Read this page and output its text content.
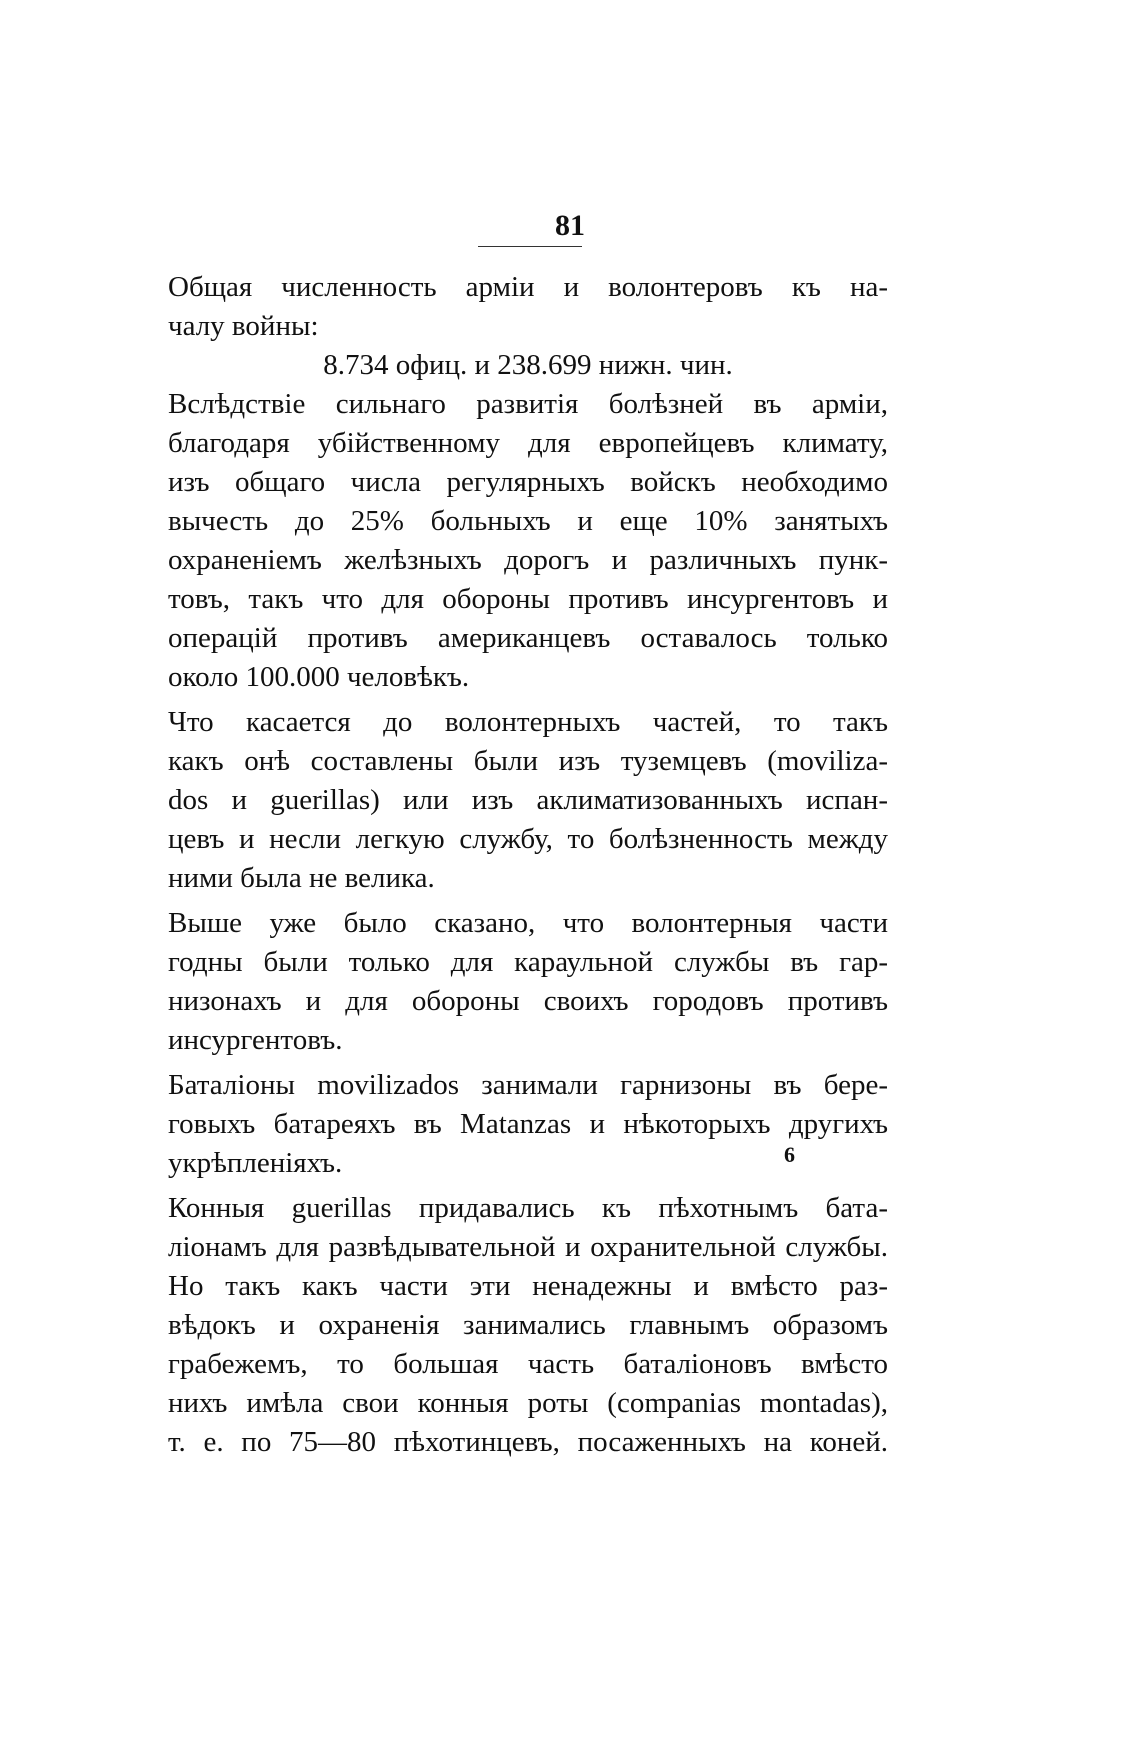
81
Общая численность арміи и волонтеровъ къ на-
чалу войны:
8.734 офиц. и 238.699 нижн. чин.
Вслѣдствіе сильнаго развитія болѣзней въ арміи,
благодаря убійственному для европейцевъ климату,
изъ общаго числа регулярныхъ войскъ необходимо
вычесть до 25% больныхъ и еще 10% занятыхъ
охраненіемъ желѣзныхъ дорогъ и различныхъ пунк-
товъ, такъ что для обороны противъ инсургентовъ и
операцій противъ американцевъ оставалось только
около 100.000 человѣкъ.
Что касается до волонтерныхъ частей, то такъ
какъ онѣ составлены были изъ туземцевъ (moviliza-
dos и guerillas) или изъ аклиматизованныхъ испан-
цевъ и несли легкую службу, то болѣзненность между
ними была не велика.
Выше уже было сказано, что волонтерныя части
годны были только для караульной службы въ гар-
низонахъ и для обороны своихъ городовъ противъ
инсургентовъ.
Баталіоны movilizados занимали гарнизоны въ бере-
говыхъ батареяхъ въ Matanzas и нѣкоторыхъ другихъ
укрѣпленіяхъ.
Конныя guerillas придавались къ пѣхотнымъ бата-
ліонамъ для развѣдывательной и охранительной службы.
Но такъ какъ части эти ненадежны и вмѣсто раз-
вѣдокъ и охраненія занимались главнымъ образомъ
грабежемъ, то большая часть баталіоновъ вмѣсто
нихъ имѣла свои конныя роты (companias montadas),
т. е. по 75—80 пѣхотинцевъ, посаженныхъ на коней.
6
